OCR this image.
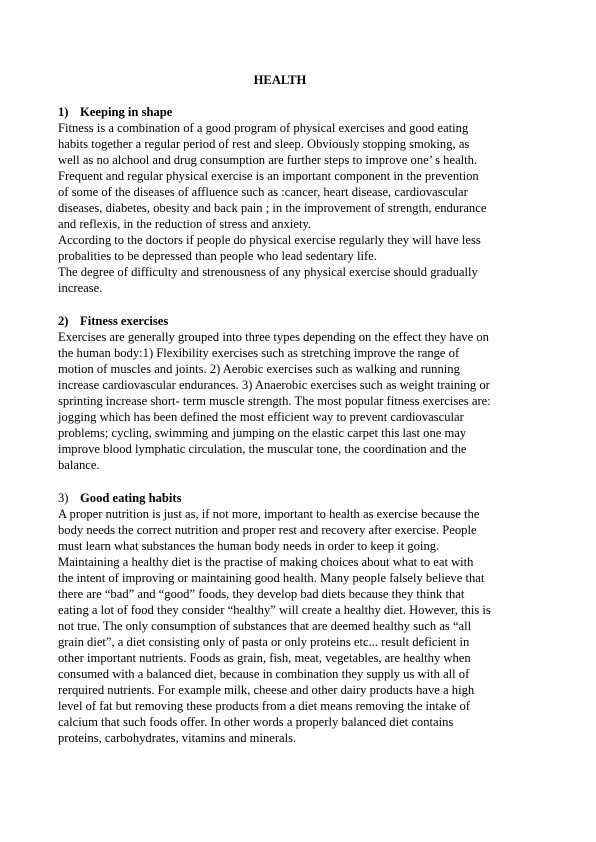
HEALTH
1) Keeping in shape
Fitness is a combination of a good program of physical exercises and good eating
habits together a regular period of rest and sleep. Obviously stopping smoking, as
well as no alchool and drug consumption are further steps to improve one’ s health.
Frequent and regular physical exercise is an important component in the prevention
of some of the diseases of affluence such as :cancer, heart disease, cardiovascular
diseases, diabetes, obesity and back pain ; in the improvement of strength, endurance
and reflexis, in the reduction of stress and anxiety.
According to the doctors if people do physical exercise regularly they will have less
probalities to be depressed than people who lead sedentary life.
The degree of difficulty and strenousness of any physical exercise should gradually
increase.
2) Fitness exercises
Exercises are generally grouped into three types depending on the effect they have on
the human body:1) Flexibility exercises such as stretching improve the range of
motion of muscles and joints. 2) Aerobic exercises such as walking and running
increase cardiovascular endurances. 3) Anaerobic exercises such as weight training or
sprinting increase short- term muscle strength. The most popular fitness exercises are:
jogging which has been defined the most efficient way to prevent cardiovascular
problems; cycling, swimming and jumping on the elastic carpet this last one may
improve blood lymphatic circulation, the muscular tone, the coordination and the
balance.
3) Good eating habits
A proper nutrition is just as, if not more, important to health as exercise because the
body needs the correct nutrition and proper rest and recovery after exercise. People
must learn what substances the human body needs in order to keep it going.
Maintaining a healthy diet is the practise of making choices about what to eat with
the intent of improving or maintaining good health. Many people falsely believe that
there are “bad” and “good” foods, they develop bad diets because they think that
eating a lot of food they consider “healthy” will create a healthy diet. However, this is
not true. The only consumption of substances that are deemed healthy such as “all
grain diet”, a diet consisting only of pasta or only proteins etc... result deficient in
other important nutrients. Foods as grain, fish, meat, vegetables, are healthy when
consumed with a balanced diet, because in combination they supply us with all of
rerquired nutrients. For example milk, cheese and other dairy products have a high
level of fat but removing these products from a diet means removing the intake of
calcium that such foods offer. In other words a properly balanced diet contains
proteins, carbohydrates, vitamins and minerals.
